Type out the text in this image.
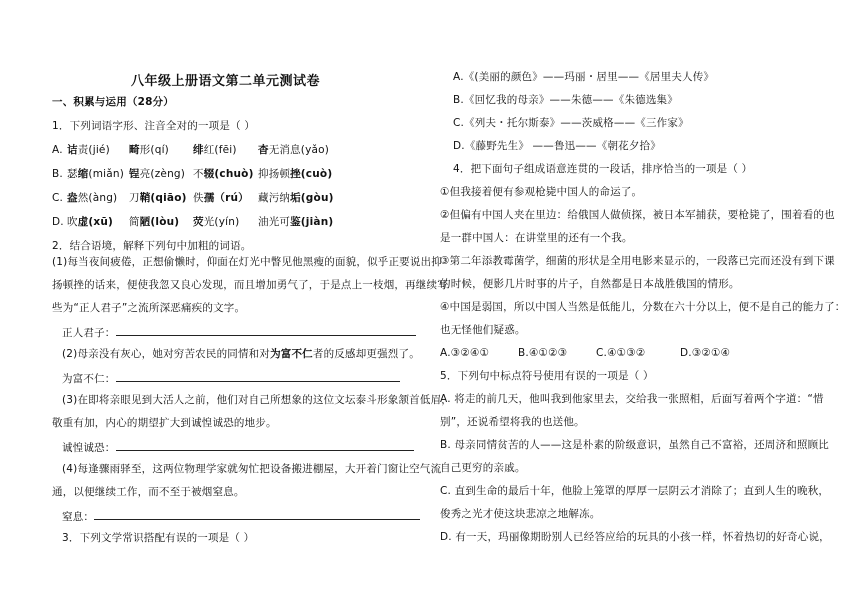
八年级上册语文第二单元测试卷
一、积累与运用（28分）
1．下列词语字形、注音全对的一项是（ ）
A. 诘责(jié) 畸形(qí) 绯红(fēi) 杳无消息(yǎo)
B. 瑟缩(miǎn) 锃亮(zèng) 不辍(chuò) 抑扬顿挫(cuò)
C. 盎然(àng) 刀鞘(qiāo) 佚孺（rú） 藏污纳垢(gòu)
D. 吹虚(xū) 简陋(lòu) 荧光(yín) 油光可鉴(jiàn)
2．结合语境，解释下列句中加粗的词语。
(1)每当夜间疲倦，正想偷懒时，仰面在灯光中瞥见他黑瘦的面貌，似乎正要说出抑
扬顿挫的话来，便使我忽又良心发现，而且增加勇气了，于是点上一枝烟，再继续写
些为“正人君子”之流所深恶痛疾的文字。
正人君子：
(2)母亲没有灰心，她对穷苦农民的同情和对为富不仁者的反感却更强烈了。
为富不仁：
(3)在即将亲眼见到大活人之前，他们对自己所想象的这位文坛泰斗形象颔首低眉，
敬重有加，内心的期望扩大到诚惶诚恐的地步。
诚惶诚恐：
(4)每逢骤雨驿至，这两位物理学家就匆忙把设备搬进棚屋，大开着门窗让空气流
通，以便继续工作，而不至于被烟窒息。
窒息：
3．下列文学常识搭配有误的一项是（ ）
A.《(美丽的颜色》——玛丽・居里——《居里夫人传》
B.《回忆我的母亲》——朱德——《朱德选集》
C.《列夫・托尔斯泰》——茨威格——《三作家》
D.《藤野先生》 ——鲁迅——《朝花夕拾》
4．把下面句子组成语意连贯的一段话，排序恰当的一项是（ ）
①但我接着便有参观枪毙中国人的命运了。
②但偏有中国人夹在里边：给俄国人做侦探，被日本军捕获，要枪毙了，围着看的也
是一群中国人：在讲堂里的还有一个我。
③第二年添教霉菌学，细菌的形状是全用电影来显示的，一段落已完而还没有到下课
的时候，便影几片时事的片子，自然都是日本战胜俄国的情形。
④中国是弱国，所以中国人当然是低能儿，分数在六十分以上，便不是自己的能力了：
也无怪他们疑惑。
A.③②④①	B.④①②③	C.④①③②	D.③②①④
5．下列句中标点符号使用有误的一项是（ ）
A. 将走的前几天，他叫我到他家里去，交给我一张照相，后面写着两个字道：“惜
别”，还说希望将我的也送他。
B. 母亲同情贫苦的人——这是朴素的阶级意识，虽然自己不富裕，还周济和照顾比
自己更穷的亲戚。
C. 直到生命的最后十年，他脸上笼罩的厚厚一层阴云才消除了；直到人生的晚秋，
俊秀之光才使这块悲凉之地解冻。
D. 有一天，玛丽像期盼别人已经答应给的玩具的小孩一样，怀着热切的好奇心说，
